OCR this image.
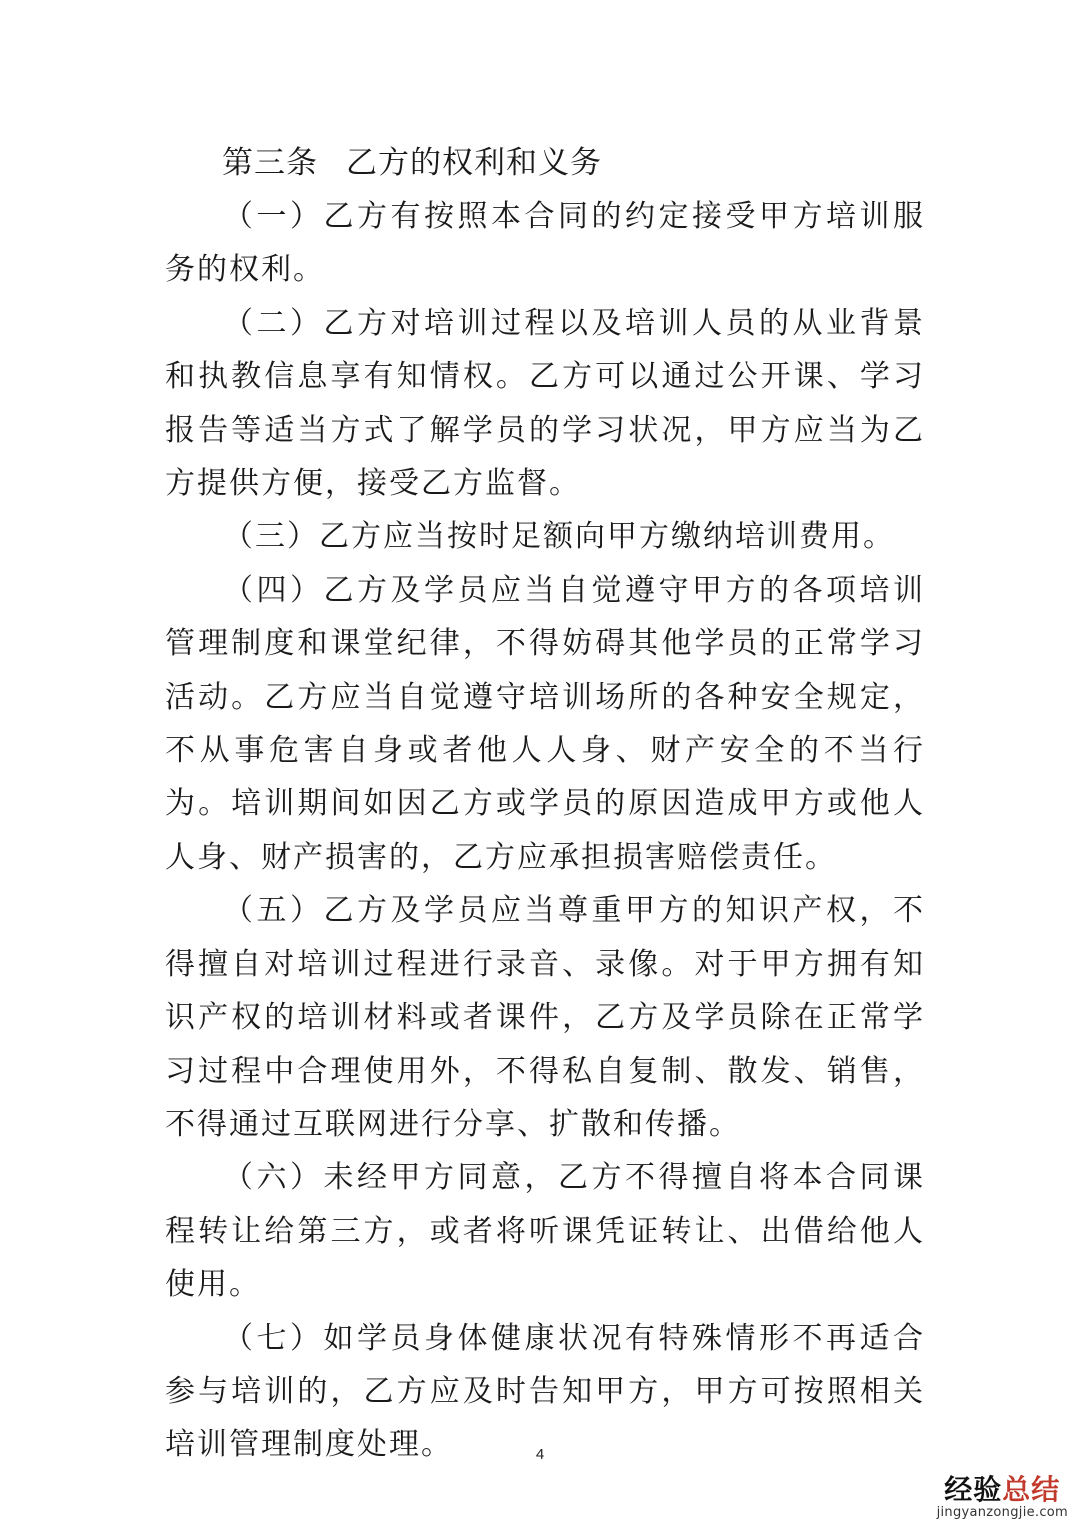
第三条 乙方的权利和义务

（一）乙方有按照本合同的约定接受甲方培训服务的权利。

（二）乙方对培训过程以及培训人员的从业背景和执教信息享有知情权。乙方可以通过公开课、学习报告等适当方式了解学员的学习状况，甲方应当为乙方提供方便，接受乙方监督。

（三）乙方应当按时足额向甲方缴纳培训费用。

（四）乙方及学员应当自觉遵守甲方的各项培训管理制度和课堂纪律，不得妨碍其他学员的正常学习活动。乙方应当自觉遵守培训场所的各种安全规定，不从事危害自身或者他人人身、财产安全的不当行为。培训期间如因乙方或学员的原因造成甲方或他人人身、财产损害的，乙方应承担损害赔偿责任。

（五）乙方及学员应当尊重甲方的知识产权，不得擅自对培训过程进行录音、录像。对于甲方拥有知识产权的培训材料或者课件，乙方及学员除在正常学习过程中合理使用外，不得私自复制、散发、销售，不得通过互联网进行分享、扩散和传播。

（六）未经甲方同意，乙方不得擅自将本合同课程转让给第三方，或者将听课凭证转让、出借给他人使用。

（七）如学员身体健康状况有特殊情形不再适合参与培训的，乙方应及时告知甲方，甲方可按照相关培训管理制度处理。	4
经验总结
jingyanzongjie.com
